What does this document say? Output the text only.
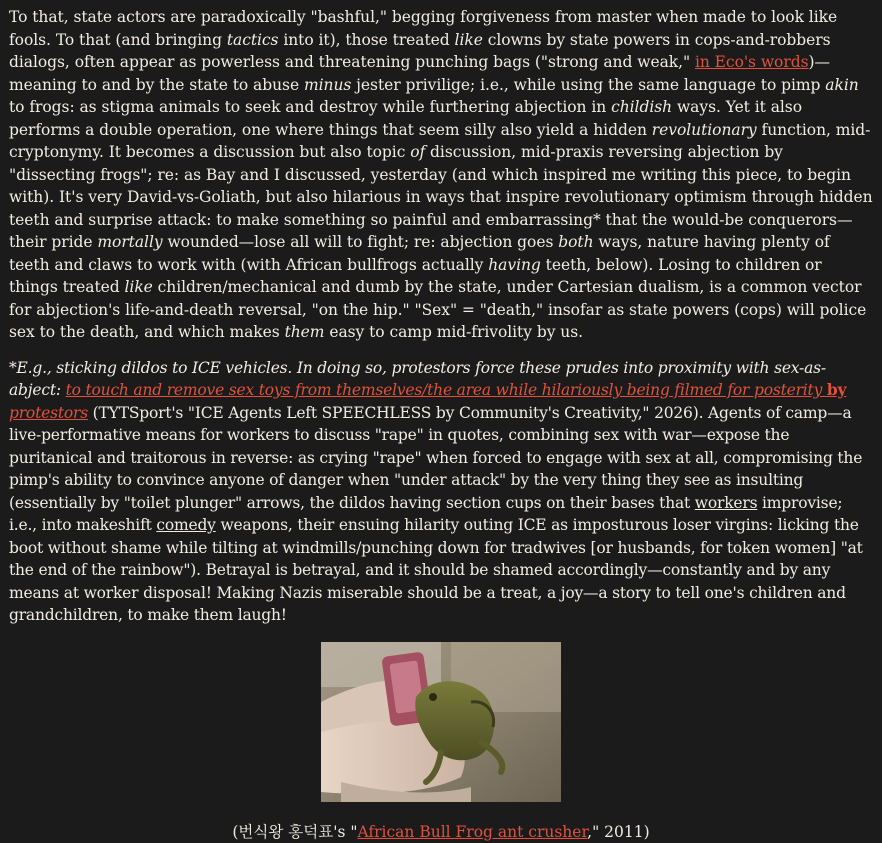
To that, state actors are paradoxically "bashful," begging forgiveness from master when made to look like fools. To that (and bringing tactics into it), those treated like clowns by state powers in cops-and-robbers dialogs, often appear as powerless and threatening punching bags ("strong and weak," in Eco's words)—meaning to and by the state to abuse minus jester privilige; i.e., while using the same language to pimp akin to frogs: as stigma animals to seek and destroy while furthering abjection in childish ways. Yet it also performs a double operation, one where things that seem silly also yield a hidden revolutionary function, mid-cryptonymy. It becomes a discussion but also topic of discussion, mid-praxis reversing abjection by "dissecting frogs"; re: as Bay and I discussed, yesterday (and which inspired me writing this piece, to begin with). It's very David-vs-Goliath, but also hilarious in ways that inspire revolutionary optimism through hidden teeth and surprise attack: to make something so painful and embarrassing* that the would-be conquerors—their pride mortally wounded—lose all will to fight; re: abjection goes both ways, nature having plenty of teeth and claws to work with (with African bullfrogs actually having teeth, below). Losing to children or things treated like children/mechanical and dumb by the state, under Cartesian dualism, is a common vector for abjection's life-and-death reversal, "on the hip." "Sex" = "death," insofar as state powers (cops) will police sex to the death, and which makes them easy to camp mid-frivolity by us.

*E.g., sticking dildos to ICE vehicles. In doing so, protestors force these prudes into proximity with sex-as-abject: to touch and remove sex toys from themselves/the area while hilariously being filmed for posterity by protestors (TYTSport's "ICE Agents Left SPEECHLESS by Community's Creativity," 2026). Agents of camp—a live-performative means for workers to discuss "rape" in quotes, combining sex with war—expose the puritanical and traitorous in reverse: as crying "rape" when forced to engage with sex at all, compromising the pimp's ability to convince anyone of danger when "under attack" by the very thing they see as insulting (essentially by "toilet plunger" arrows, the dildos having section cups on their bases that workers improvise; i.e., into makeshift comedy weapons, their ensuing hilarity outing ICE as imposturous loser virgins: licking the boot without shame while tilting at windmills/punching down for tradwives [or husbands, for token women] "at the end of the rainbow"). Betrayal is betrayal, and it should be shamed accordingly—constantly and by any means at worker disposal! Making Nazis miserable should be a treat, a joy—a story to tell one's children and grandchildren, to make them laugh!

(번식왕 홍덕표's "African Bull Frog ant crusher," 2011)
